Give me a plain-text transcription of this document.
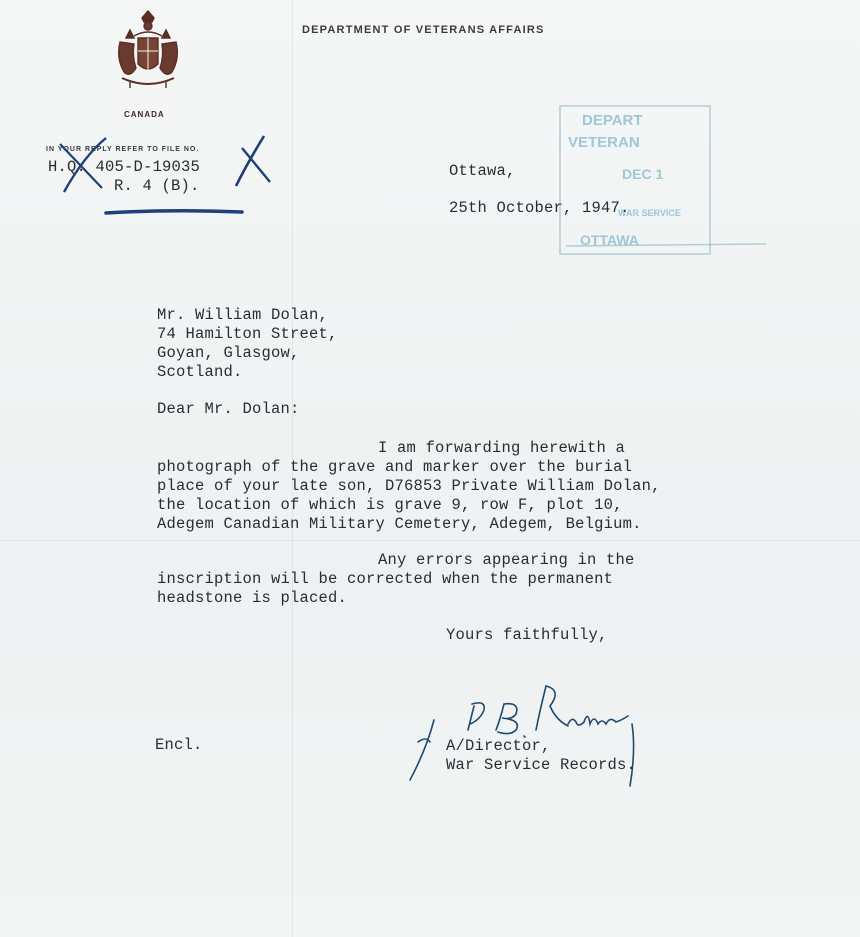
CANADA
DEPARTMENT OF VETERANS AFFAIRS
IN YOUR REPLY REFER TO FILE NO.
H.Q. 405-D-19035
R. 4 (B).
Ottawa,
25th October, 1947.
DEPART
VETERAN
DEC 1
WAR SERVICE
OTTAWA
Mr. William Dolan,
74 Hamilton Street,
Goyan, Glasgow,
Scotland.
Dear Mr. Dolan:
I am forwarding herewith a
photograph of the grave and marker over the burial
place of your late son, D76853 Private William Dolan,
the location of which is grave 9, row F, plot 10,
Adegem Canadian Military Cemetery, Adegem, Belgium.
Any errors appearing in the
inscription will be corrected when the permanent
headstone is placed.
Yours faithfully,
Encl.	A/Director,
War Service Records.
